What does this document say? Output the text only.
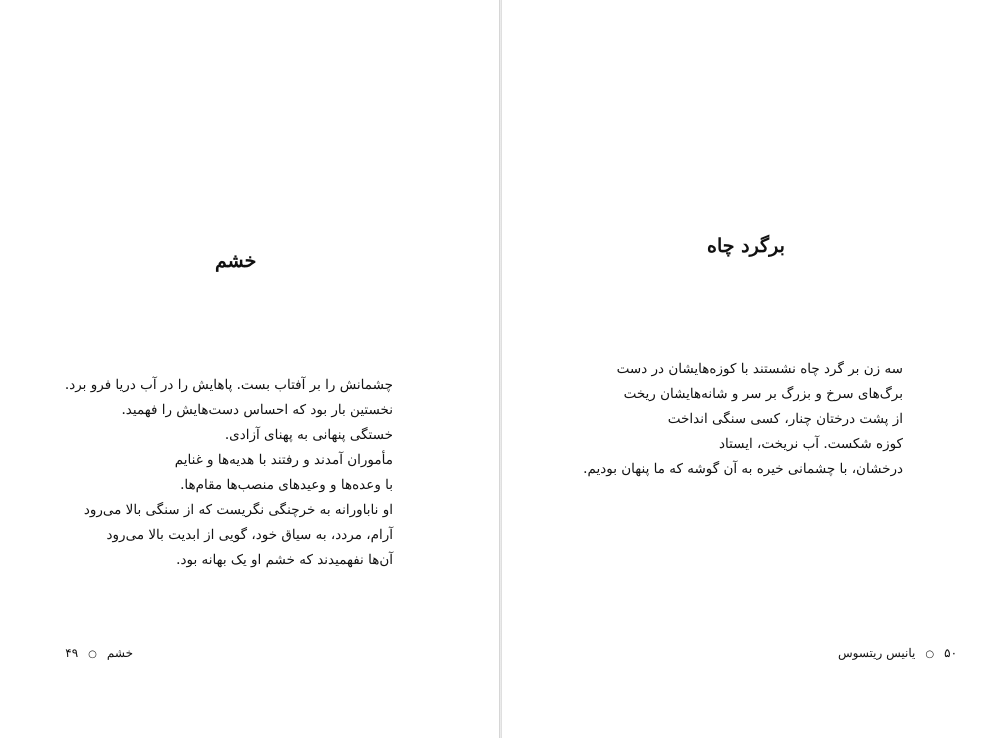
خشم
چشمانش را بر آفتاب بست. پاهایش را در آب دریا فرو برد.
نخستین بار بود که احساس دست‌هایش را فهمید.
خستگی پنهانی به پهنای آزادی.
مأموران آمدند و رفتند با هدیه‌ها و غنایم
با وعده‌ها و وعیدهای منصب‌ها مقام‌ها.
او ناباورانه به خرچنگی نگریست که از سنگی بالا می‌رود
آرام، مردد، به سیاق خود، گویی از ابدیت بالا می‌رود
آن‌ها نفهمیدند که خشم او یک بهانه بود.
خشم
○
۴۹
برگرد چاه
سه زن بر گرد چاه نشستند با کوزه‌هایشان در دست
برگ‌های سرخ و بزرگ بر سر و شانه‌هایشان ریخت
از پشت درختان چنار، کسی سنگی انداخت
کوزه شکست. آب نریخت، ایستاد
درخشان، با چشمانی خیره به آن گوشه که ما پنهان بودیم.
۵۰
○
یانیس ریتسوس
